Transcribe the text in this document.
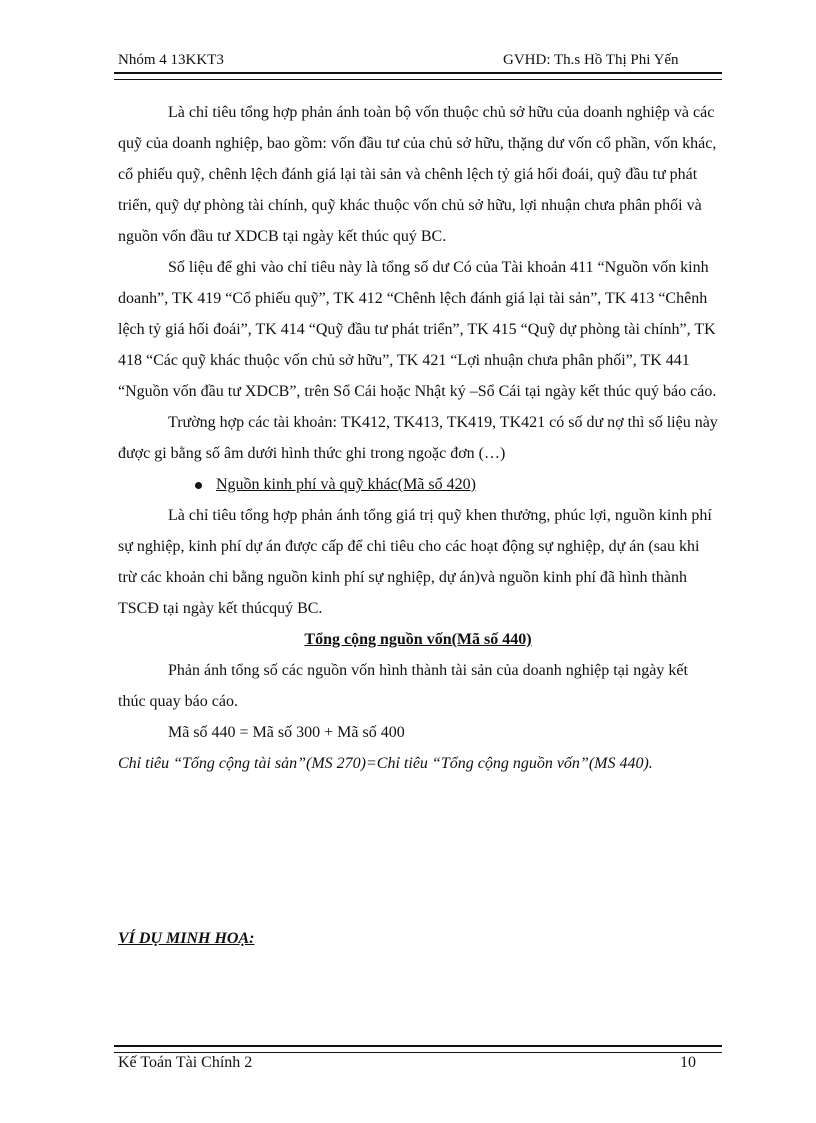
Nhóm 4 13KKT3	GVHD: Th.s Hồ Thị Phi Yến

Là chỉ tiêu tổng hợp phản ánh toàn bộ vốn thuộc chủ sở hữu của doanh nghiệp và các quỹ của doanh nghiệp, bao gồm: vốn đầu tư của chủ sở hữu, thặng dư vốn cổ phần, vốn khác, cổ phiếu quỹ, chênh lệch đánh giá lại tài sản và chênh lệch tỷ giá hối đoái, quỹ đầu tư phát triển, quỹ dự phòng tài chính, quỹ khác thuộc vốn chủ sở hữu, lợi nhuận chưa phân phối và nguồn vốn đầu tư XDCB tại ngày kết thúc quý BC.

Số liệu để ghi vào chỉ tiêu này là tổng số dư Có của Tài khoản 411 “Nguồn vốn kinh doanh”, TK 419 “Cổ phiếu quỹ”, TK 412 “Chênh lệch đánh giá lại tài sản”, TK 413 “Chênh lệch tỷ giá hối đoái”, TK 414 “Quỹ đầu tư phát triển”, TK 415 “Quỹ dự phòng tài chính”, TK 418 “Các quỹ khác thuộc vốn chủ sở hữu”, TK 421 “Lợi nhuận chưa phân phối”, TK 441 “Nguồn vốn đầu tư XDCB”, trên Sổ Cái hoặc Nhật ký –Sổ Cái tại ngày kết thúc quý báo cáo.

Trường hợp các tài khoản: TK412, TK413, TK419, TK421 có số dư nợ thì số liệu này được gi bằng số âm dưới hình thức ghi trong ngoặc đơn (…)

Nguồn kinh phí và quỹ khác(Mã số 420)

Là chỉ tiêu tổng hợp phản ánh tổng giá trị quỹ khen thưởng, phúc lợi, nguồn kinh phí sự nghiệp, kinh phí dự án được cấp để chi tiêu cho các hoạt động sự nghiệp, dự án (sau khi trừ các khoản chi bằng nguồn kinh phí sự nghiệp, dự án)và nguồn kinh phí đã hình thành TSCĐ tại ngày kết thúcquý BC.

Tổng cộng nguồn vốn(Mã số 440)

Phản ánh tổng số các nguồn vốn hình thành tài sản của doanh nghiệp tại ngày kết thúc quay báo cáo.

Mã số 440 = Mã số 300 + Mã số 400

Chỉ tiêu “Tổng cộng tài sản”(MS 270)=Chỉ tiêu “Tổng cộng nguồn vốn”(MS 440).

VÍ DỤ MINH HOẠ:
Kế Toán Tài Chính 2	10
